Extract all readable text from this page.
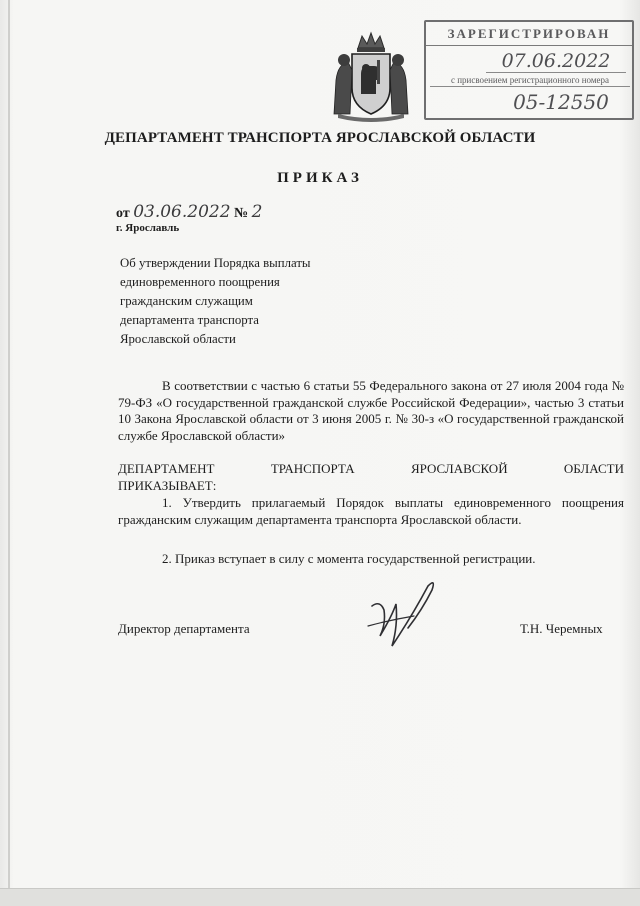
ЗАРЕГИСТРИРОВАН
07.06.2022
с присвоением регистрационного номера
05-12550
ДЕПАРТАМЕНТ ТРАНСПОРТА ЯРОСЛАВСКОЙ ОБЛАСТИ
ПРИКАЗ
от 03.06.2022 № 2
г. Ярославль
Об утверждении Порядка выплаты
единовременного поощрения
гражданским служащим
департамента транспорта
Ярославской области
В соответствии с частью 6 статьи 55 Федерального закона от 27 июля 2004 года № 79-ФЗ «О государственной гражданской службе Российской Федерации», частью 3 статьи 10 Закона Ярославской области от 3 июня 2005 г. № 30-з «О государственной гражданской службе Ярославской области»
ДЕПАРТАМЕНТ	ТРАНСПОРТА	ЯРОСЛАВСКОЙ	ОБЛАСТИ
ПРИКАЗЫВАЕТ:
1. Утвердить прилагаемый Порядок выплаты единовременного поощрения гражданским служащим департамента транспорта Ярославской области.
2. Приказ вступает в силу с момента государственной регистрации.
Директор департамента	Т.Н. Черемных
